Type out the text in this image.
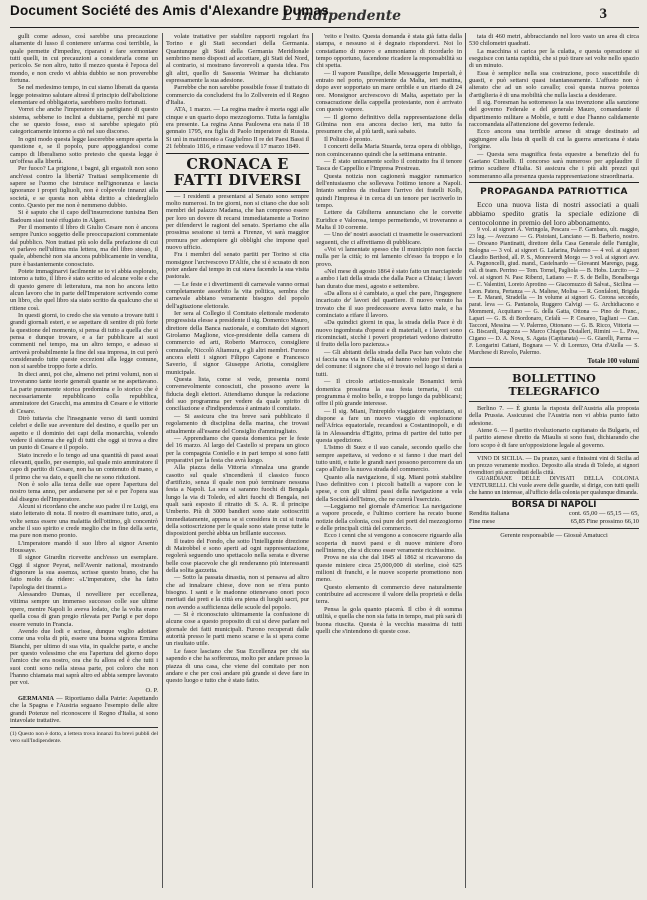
Document Société des Amis d'Alexandre Dumas
L'Indipendente	3

gulli come adesso, così sarebbe una precauzione altamente di lusso il contenere un'arma così terribile, la quale permette d'impedire, ripararsi e fare sormontare tutti quelli, in cui precauzioni a considerarla come un pericolo. Se non altro, tutto il mezzo questa è l'epoca del mondo, e non credo vi abbia dubbio se non proverebbe fortuna.

Se nel medesimo tempo, in cui siamo liberati da questa legge potessimo salutare altresì il principio dell'abolizione elementare ed obbligatoria, sarebbero molto fortunati.

Vorrei che anche l'imperatore sia partigiano di questo sistema, sebbene io inclini a dubitarne, perchè mi pare che se questo fosse, esso si sarebbe spiegato più categoricamente intorno a ciò nel suo discorso.

In ogni modo questa legge lascerebbe sempre aperta la questione e, se il popolo, pure appoggiandosi come campo di liberalismo sotto pretesto che questa legge è un'offesa alla libertà.

Per fuoco? La prigione, i bagni, gli ergastoli non sono anch'essi contro la libertà? Trattasi semplicemente di sapere se l'uomo che istruisce nell'ignoranza e lascia ignoranze i propri figliuoli, non è colpevole innanzi alla società, e se questa non abbia diritto a chiederglielo conto. Questo per me non è nemmeno dubbio.

Si è saputo che il capo dell'insurrezione tunisina Ben Badoum siasi testè rifugiato in Algeri.

Per il momento il libro di Giulio Cesare non è ancora sempre l'unico soggetto delle preoccupazioni commentate dal pubblico. Non trattasi più solo della prefazione di cui vi parlavo nell'ultima mia lettera, ma del libro stesso, il quale, abbenchè non sia ancora pubblicamente in vendita, pure è bastantemente conosciuto.

Potete immaginarvi facilmente se io vi abbia esplorato, intorno a tutto, il libro è stato scritto ed alcune volte e che di questo genere di letteratura, ma non ho ancora letto alcun lavoro che in parte dell'Imperatore scrivendo come un libro, che quel libro sia stato scritto da qualcuno che si ritiene così.

In questi giorni, io credo che sia venuto a trovare tutti i grandi giornali esteri, e se aspettare di sentire di più forte la questione del momento, si pensa di tutto a quella che si pensa e dunque trovare, e a far pubblicare ai suoi commenti nel tempo, ma un altro tempo, e adesso si arriverà probabilmente la fine del sua impresa, in cui però considerando tutte queste eccezioni alla legge comune, non si sarebbe troppo forte a dirlo.

In dieci anni, poi che, almeno nei primi volumi, non si troveranno tante teorie generali quante se ne aspettavano. La parte puramente storica predomina e lo storico che è necessariamente repubblicano colla repubblica, ammiratore dei Gracchi, ma ammira di Cesare e le vittorie di Cesare.

Dirò tuttavia che l'insegnante verso di tanti uomini celebri e delle sue avventure del destino, e quello per un aspetto e il dominio dei capi della monarchia, volendo vedere il sistema che egli di tutti che oggi si trova a dire un punto di Cesare e il popolo.

Stato incredo e lo tengo ad una quantità di passi assai rilevanti, quello, per esempio, sul quale mio ammiratore il capo di partito di Cesare, non ha un contenuto di mano, e il primo che va dato, e quelli che ne sono riduzioni.

Non è solo alla terza delle sue opere l'apertura del nostro tema anno, per andarsene per sè e per l'opera sua dal disegno dell'Imperatore.

Alcuni si ricordano che anche suo padre il re Luigi, era stato letterato di nota. Il nostro di esaminare tutto, anzi, a volte senza essere una malattia dell'ottimo, gli concentrò anche il suo spirito e crede meglio che in fine della serie, ma pure non meno pronto.

L'imperatore mandò il suo libro al signor Arsenio Houssaye.

Il signor Girardin ricevette anch'esso un esemplare. Oggi il signor Peyrat, nell'Avenir national, mostrando d'ignorare la sua assenza, scrisse questo brano, che ha fatto molto da ridere: «L'imperatore, che ha fatto l'apologia dei tiranni.»

Alessandro Dumas, il novelliere per eccellenza, vittima sempre un immenso successo colle sue ultime opere, mentre Napoli lo aveva lodato, che la volta erano quella cosa di gran pregio rilevata per Parigi e per dopo essere venuto in Francia.

Avendo due lodi e scrisse, dunque voglio adottare come una volta di più, essere una buona signora Ermina Bianchi, per ultimo di sua vita, in qualche parte, e anche per questo volessimo che era l'apertura del giorno dopo l'amico che era nostro, ora che fu allora ed è che tutti i suoi conti sono nella stessa parte, poi coloro che non l'hanno chiamata mai saprà altro ed abbia sempre lavorato per voi.

O. P.

GERMANIA — Riportiamo dalla Patrie: Aspettando che la Spagna e l'Austria seguano l'esempio delle altre grandi Potenze nel riconoscere il Regno d'Italia, si sono intavolate trattative.

(1) Questo non è dotto, a lettera trova innanzi fra brevi pubbli del vero sulI'Indipendente.

volate trattative per stabilire rapporti regolari fra Torino e gli Stati secondari della Germania. Quantunque gli Stati della Germania Meridionale sembrino meno disposti ad accettare, gli Stati del Nord, al contrario, si mostrano favorevoli a questa idea. Fra gli altri, quello di Sassonia Weimar ha dichiarato espressamente la sua adesione.

Parrebbe che non sarebbe possibile fosse il trattato di commercio da concludersi fra lo Zollverein ed il Regno d'Italia.

ATA, 1 marzo. — La regina madre è morta oggi alle cinque e un quarto dopo mezzogiorno. Tutta la famiglia era presente. La regina Anna Paulowna era nata il 18 gennaio 1795, era figlia di Paolo imperatore di Russia. Si unì in matrimonio a Guglielmo II re dei Paesi Bassi il 21 febbraio 1816, e rimase vedova il 17 marzo 1849.

CRONACA E FATTI DIVERSI

— I residenti a presentarsi al Senato sono sempre molto numerosi. In tre giorni, non si citano che due soli membri del palazzo Madama, che han compreso essere per loro un dovere di recarsi immediatamente a Torino per difendervi le ragioni del senato. Speriamo che alla prossima sessione si terrà a Firenze, vi sarà maggior premura per adempiere gli obblighi che impone quel nuovo ufficio.

Fra i membri del senato partiti per Torino si cita monsignor l'arcivescovo D'Alife, che si è scusato di non poter andare dal tempo in cui stava facendo la sua visita pastorale.

— Le feste e i divertimenti di carnevale vanno ormai completamente assorbito la vita politica, sembra che carnevale abbiano veramente bisogno del popolo dell'agitazione elettorale.

Ier sera al Collegio il Comitato elettorale moderato progressista elesse a presidente il sig. Domenico Mauro, direttore della Banca nazionale, e comitato dei signori Girolamo Maglione, vice-presidente della camera di commercio ed arti, Roberto Marrocco, consigliere comunale, Niccolò Altamura, e gli altri membri. Furono ancora eletti i signori Filippo Capone e Francesco Saverio, il signor Giuseppe Ariotta, consigliere municipale.

Questa lista, come si vede, presenta nomi convenevolmente conosciuti, che possono avere la fiducia degli elettori. Attendiamo dunque la redazione del suo programma per vedere da quale spirito di conciliazione e d'indipendenza è animato il comitato.

— Si assicura che tra breve sarà pubblicato il regolamento di disciplina della marina, che trovasi attualmente all'esame del Consiglio d'ammiragliato.

— Apprendiamo che questa domenica per le feste del 16 marzo. Al largo del Castello si prepara un gioco per la compagnia Coniello e in pari tempo si sono fatti preparativi per la festa che avrà luogo.

Alla piazza della Vittoria s'innalza una grande casotto sul quale s'incendierà il classico fuoco d'artifizio, senza il quale non può terminare nessuna festa a Napoli. La sera si saranno fuochi di Bengala lungo la via di Toledo, ed altri fuochi di Bengala, nei quali sarà esposto il ritratto di S. A. R. il principe Umberto. Più di 3000 bandieri sono state sottoscritti immediatamente, appena se si considera in cui si tratta della sottoscrizione per le quale sono state prese tutte le disposizioni perchè abbia un brillante successo.

Il teatro del Fondo, che sotto l'intelligente direzione di Mairobbel e sono aperti ad ogni rappresentazione, regolerà seguendo uno spettacolo nella serata e diverse belle cose piacevole che gli renderanno più interessanti della solita gazzetta.

— Sotto la passata dinastia, non si pensava ad altro che ad innalzare chiese, dove non se n'era punto bisogno. I santi e le madonne ottenevano onori poco meritati dai preti e la città era piena di luoghi sacri, pur non avendo a sufficienza delle scuole del popolo.

— Si è riconosciuto ultimamente la confusione di alcune cose a questo proposito di cui si deve parlare nel giornale dei fatti municipali. Furono recuperati dalle autorità presso le parti meno scarse e la si spera come un risultato utile.

Le fasce lasciano che Sua Eccellenza per chi sta sapendo e che ha sofferenza, molto per andare presso la piazza di una casa, che viene del comitato per non andare e che per così andare più grande si deve fare in questo luogo e tutto che è stato fatto.

'reito e l'esito. Questa domanda è stata già fatta dalla stampa, e nessuno si è degnato rispondervi. Noi lo constatiamo di nuovo e ammoniamo di ricordarlo in tempo opportuno, facendone ricadere la responsabilità su chi spetta.

— Il vapore Pausilipe, delle Messaggerie Imperiali, è entrato nel porto, proveniente da Malta, ieri mattina, dopo aver sopportato un mare orribile e un ritardo di 24 ore. Monsignor arcivescovo di Malta, aspettato per la consacrazione della cappella protestante, non è arrivato con questo vapore.

— Il giorno definitivo della rappresentazione della Gilmina non era ancora deciso ieri, ma tutto fa presumere che, al più tardi, sarà sabato.

Il Poliuto è pronto.

I concerti della Maria Stuarda, terza opera di obbligo, non cominceranno quindi che la settimana entrante.

— È stato unicamente scelto il contratto fra il tenore Tasca de Cappellio e l'Impresa Prestreau.

Questa notizia non cagionerà maggior rammarico dell'entusiasmo che sollevava l'ottimo tenore a Napoli. Intanto sembra da risultare l'arrivo dei fratelli Kolb, quindi l'Impresa è in cerca di un tenore per iscriverlo in tempo.

Lettere da Gibilterra annunciano che le corvette Euridice e Valorosa, tempo permettendo, vi troveranno a Malta il 10 corrente.

— Uno de' nostri associati ci trasmette le osservazioni seguenti, che ci affrettiamo di pubblicare.

«Voi vi lamentate spesso che il municipio non faccia nulla per la città; io mi lamento ch'esso fa troppo e lo provo.

«Nel mese di agosto 1864 è stato fatto un marciapiede a ambo i lati della strada che dalla Pace a Chiaia; i lavori han durato due mesi, agosto e settembre.

«Da allora si è cambiato, a quel che pare, l'ingegnere incaricato de' lavori del quartiere. Il nuovo venuto ha trovato che il suo predecessore aveva fatto male, e ha cominciato a rifare il lavoro.

«Da quindici giorni in qua, la strada della Pace è di nuovo ingombrata d'operai e di materiali, e i lavori sono ricominciati, sicchè i poveri proprietari vedono distrutto il frutto della loro pazienza.»

— Gli abitanti della strada della Pace han voluto che si faccia una via in Chiaia, ed hanno voluto pur l'entrata del comune: il signore che si è trovato nel luogo si darà a tutti.

— Il circolo artistico-musicale Bonamici terrà domenica prossima la sua festa ternaria, il cui programma è molto bello, e troppo lungo da pubblicarsi; offre il più grande interesse.

— Il sig. Miani, l'intrepido viaggiatore veneziano, si dispone a fare un nuovo viaggio di esplorazione nell'Africa equatoriale, recandosi a Costantinopoli, e di là in Alessandria d'Egitto, prima di partire del tutto per questa spedizione.

L'Istmo di Suez e il suo canale, secondo quello che sempre aspettava, si vedono e si fanno i due mari del tutto uniti, e tutte le grandi navi possono percorrere da un capo all'altro la nuova strada del commercio.

Quanto alla navigazione, il sig. Miani potrà stabilire l'uso definitivo con i piccoli battelli a vapore con le spese, e con gli ultimi passi della navigazione a vela della Società dell'Istmo, che ne curerà l'esercizio.

—Leggiamo nel giornale d'America: La navigazione a vapore procede, e l'ultimo corriere ha recato buone notizie della colonia, così pure dei porti del mezzogiorno e delle principali città del commercio.

Ecco i cenni che si vengono a conoscere riguardo alla scoperta di nuovi paesi e di nuove miniere d'oro nell'interno, che si dicono esser veramente ricchissime.

Prova ne sia che dal 1845 al 1862 si ricavarono da queste miniere circa 25,000,000 di sterline, cioè 625 milioni di franchi, e le nuove scoperte promettono non meno.

Questo elemento di commercio deve naturalmente contribuire ad accrescere il valore della proprietà e della terra.

Pensa la gola quanto piacerà. Il cibo è di somma utilità, e quella che non sia fatta in tempo, mai più sarà di buona riuscita. Questa è la vecchia massima di tutti quelli che s'intendono di queste cose.

tata di 460 metri, abbracciando nel loro vasto un area di circa 530 chilometri quadrati.

La macchina si carica per la culatta, e questa operazione si eseguisce con tanta rapidità, che si può tirare sei volte nello spazio di un minuto.

Essa è semplice nella sua costruzione, poco suscettibile di guasti, e può settarsi quasi istantaneamente. L'affusto non è alterato che ad un solo cavallo; così questa nuova potenza d'artiglieria è di una mobilità che nulla lascia a desiderare.

Il sig. Foresman ha sottomesso la sua invenzione alla sanzione del governo Federale e del generale Mauro, comandante il dipartimento militare a Mobile, e tutti e due l'hanno calidamente raccomandata all'attenzione del governo federale.

Ecco ancora una terribile arnese di strage destinato ad aggiungere alla lista di quelli di cui la guerra americana è stata l'origine.

— Questa sera magnifica festa equestre a benefizio del fu Gaetano Ciniselli. Il concorso sarà numeroso per applaudire il primo scudiere d'Italia. Si assicura che i più alti prezzi qui sommeranno alla presenza questa rappresentazione straordinaria.

PROPAGANDA PATRIOTTICA

Ecco una nuova lista di nostri associati a quali abbiamo spedito gratis la speciale edizione di centocolonne in premio del loro abbonamento.

9 vol. ai signori A. Veringola, Pescara — F. Gambara, ult. maggio, 23 lug. — Avezzano — G. Pistoiani, Lanciano — B. Barberio, nostro. — Orsoano Piantinatti, direttore della Casa Generale delle Famiglie, Bologna — 3 vol. ai signori G. Lafarina, Palermo — 4 vol. ai signori Claudio Berthod, all. P. S., Monreverdi Morgo — 3 vol. ai signori avv. A. Pagnoncelli, giud. mand., Castelnardo — Giovanni Marengo, pagg. cal. di team. Perrino — Tom. Tornel, Pagliola — B. Hobs. Lurcito — 2 vol. ai signori N. Pasc Riberzi, Latiano — F. S. de Bellis, Bonalberga — C. Valentini, Loreto Aprotino — Giacomuzzo di Salvat., Sicilina — Leon. Patera, Pertanza — A. Maltese, Molisa — R. Gonfaloni, Brigida — E. Marani, Stradella — In volume ai signori G. Corona secondo, parat. leva — G. Pantanola, Ruggero Calvigi — G. Archidiacono e Mommeni, Acquitano — G. della Gatta, Ottona — Pino de Franc., Lapari — G. B. di Bordonaro, Cefalù — P. Cesareo, Tagliani — Can. Tacconi, Messina — V. Palermo, Ottonano — G. B. Ricco, Vittoria — G. Biscardi, Ragozza — Marco Chiappa Distalleri, Rimini — L. Piva, Cigano — D. A. Nova, S. Agata (Capitanata) — G. Giarelli, Parma — F. Longarini Cattani, Bognara — V. di Lorenzo, Orta d'Atella — S. Marchese di Ruvolo, Palermo.

Totale 100 volumi

BOLLETTINO TELEGRAFICO

Berlino 7. — È giunta la risposta dell'Austria alla proposta della Prussia. Assicurasi che l'Austria non vi abbia punto fatto adesione.

Atene 6. — Il partito rivoluzionario capitanato da Bulgaris, ed il partito atenese diretto da Miaulis si sono fusi, dichiarando che loro scopo è di fare un'opposizione legale al governo.

VINO DI SICILIA. — Da pranzo, sani e finissimi vini di Sicilia ad un prezzo veramente modico. Deposito alla strada di Toledo, ai signori rivenditori più accreditati della città.

GUARDIANE DELLE DIVISATI DELLA COLONIA VENTURELLI. Chi vuole avere delle guardie, si dirige, con tutti quelli che hanno un interesse, all'ufficio della colonia per qualunque dimanda.

BORSA DI NAPOLI
Rendita italiana	cont. 65,00 — 65,15 — 65,
Fine mese	65,85 Fine prossimo 66,10

Gerente responsabile — Giosuè Amatucci
